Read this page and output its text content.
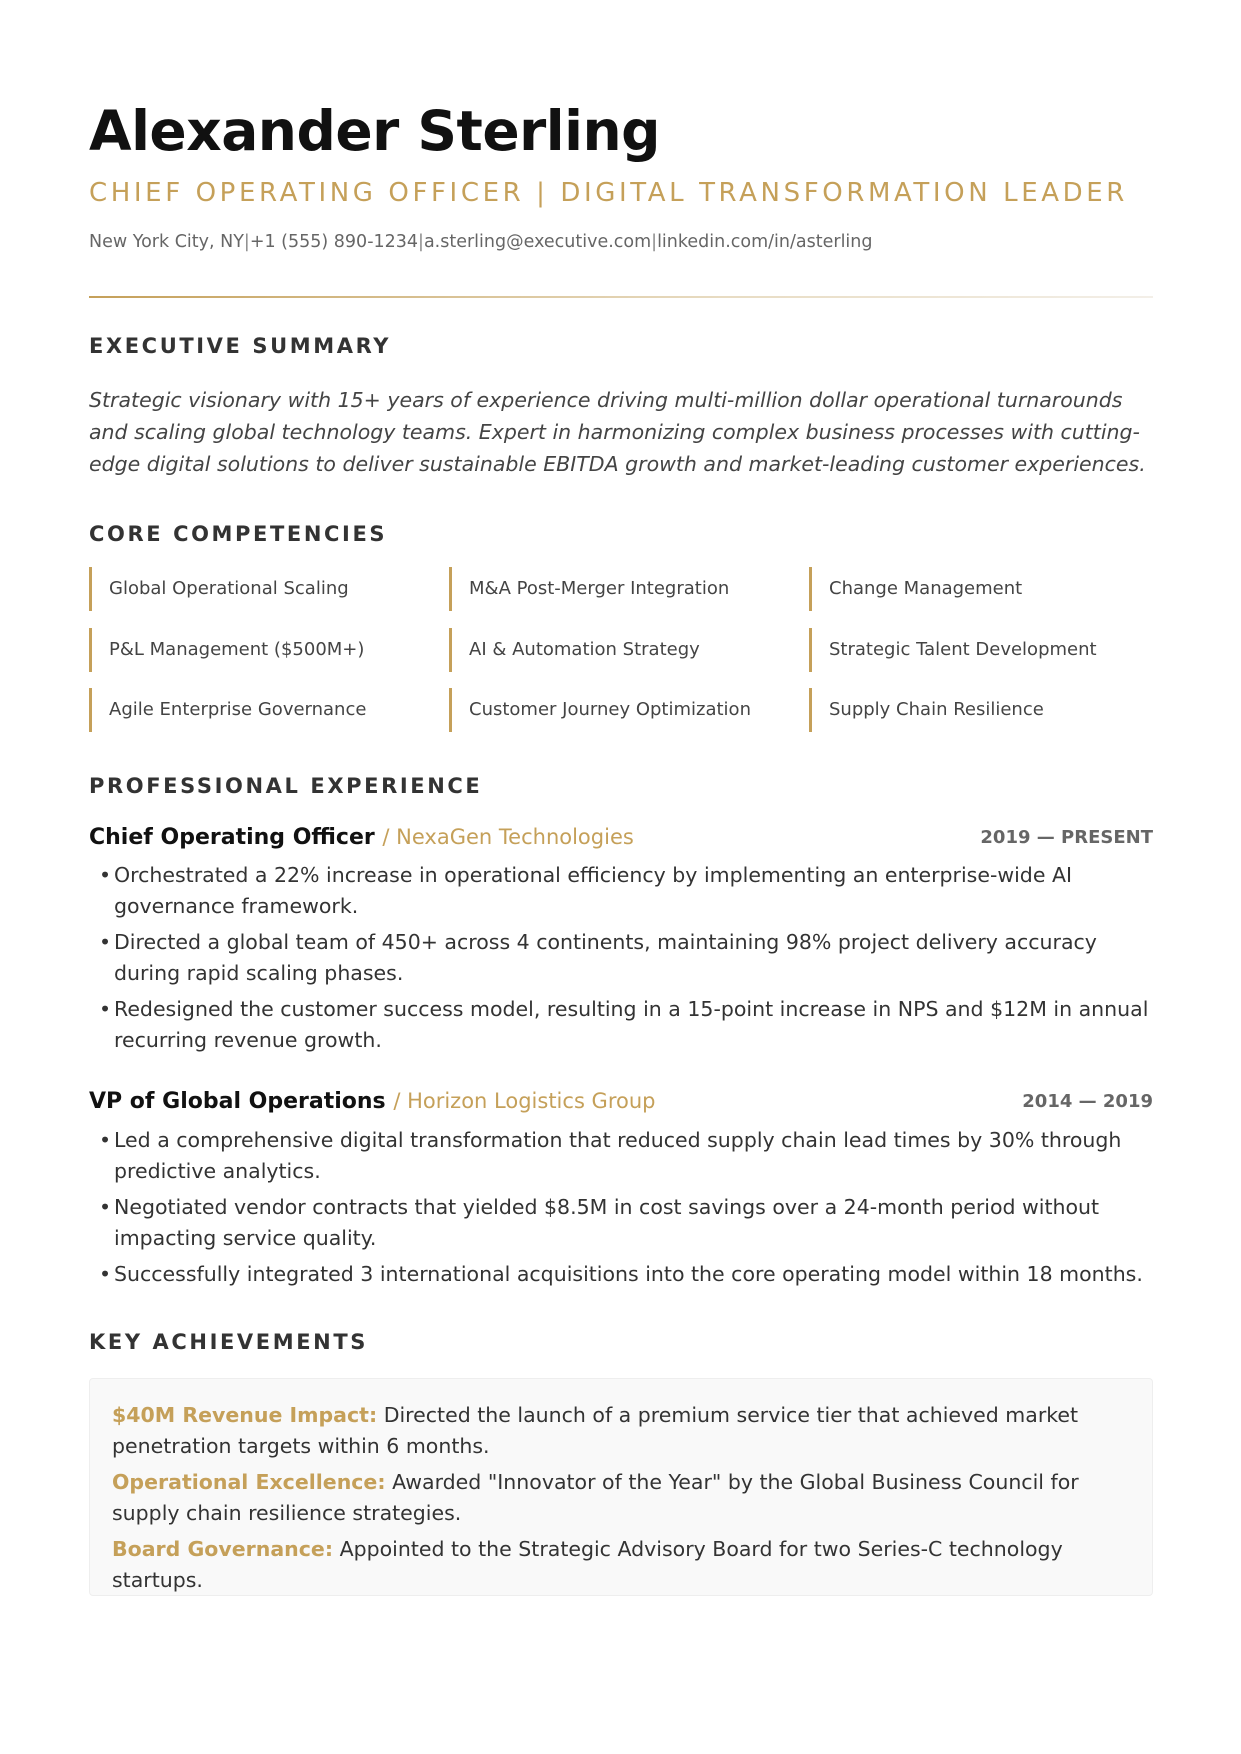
Alexander Sterling
CHIEF OPERATING OFFICER | DIGITAL TRANSFORMATION LEADER
New York City, NY|+1 (555) 890-1234|a.sterling@executive.com|linkedin.com/in/asterling
EXECUTIVE SUMMARY

Strategic visionary with 15+ years of experience driving multi-million dollar operational turnarounds and scaling global technology teams. Expert in harmonizing complex business processes with cutting-edge digital solutions to deliver sustainable EBITDA growth and market-leading customer experiences.

CORE COMPETENCIES
Global Operational Scaling	M&A Post-Merger Integration	Change Management
P&L Management ($500M+)	AI & Automation Strategy	Strategic Talent Development
Agile Enterprise Governance	Customer Journey Optimization	Supply Chain Resilience
PROFESSIONAL EXPERIENCE
Chief Operating Officer / NexaGen Technologies	2019 — PRESENT
• Orchestrated a 22% increase in operational efficiency by implementing an enterprise-wide AI governance framework.
• Directed a global team of 450+ across 4 continents, maintaining 98% project delivery accuracy during rapid scaling phases.
• Redesigned the customer success model, resulting in a 15-point increase in NPS and $12M in annual recurring revenue growth.
VP of Global Operations / Horizon Logistics Group	2014 — 2019
• Led a comprehensive digital transformation that reduced supply chain lead times by 30% through predictive analytics.
• Negotiated vendor contracts that yielded $8.5M in cost savings over a 24-month period without impacting service quality.
• Successfully integrated 3 international acquisitions into the core operating model within 18 months.
KEY ACHIEVEMENTS

$40M Revenue Impact: Directed the launch of a premium service tier that achieved market penetration targets within 6 months.

Operational Excellence: Awarded "Innovator of the Year" by the Global Business Council for supply chain resilience strategies.

Board Governance: Appointed to the Strategic Advisory Board for two Series-C technology startups.
